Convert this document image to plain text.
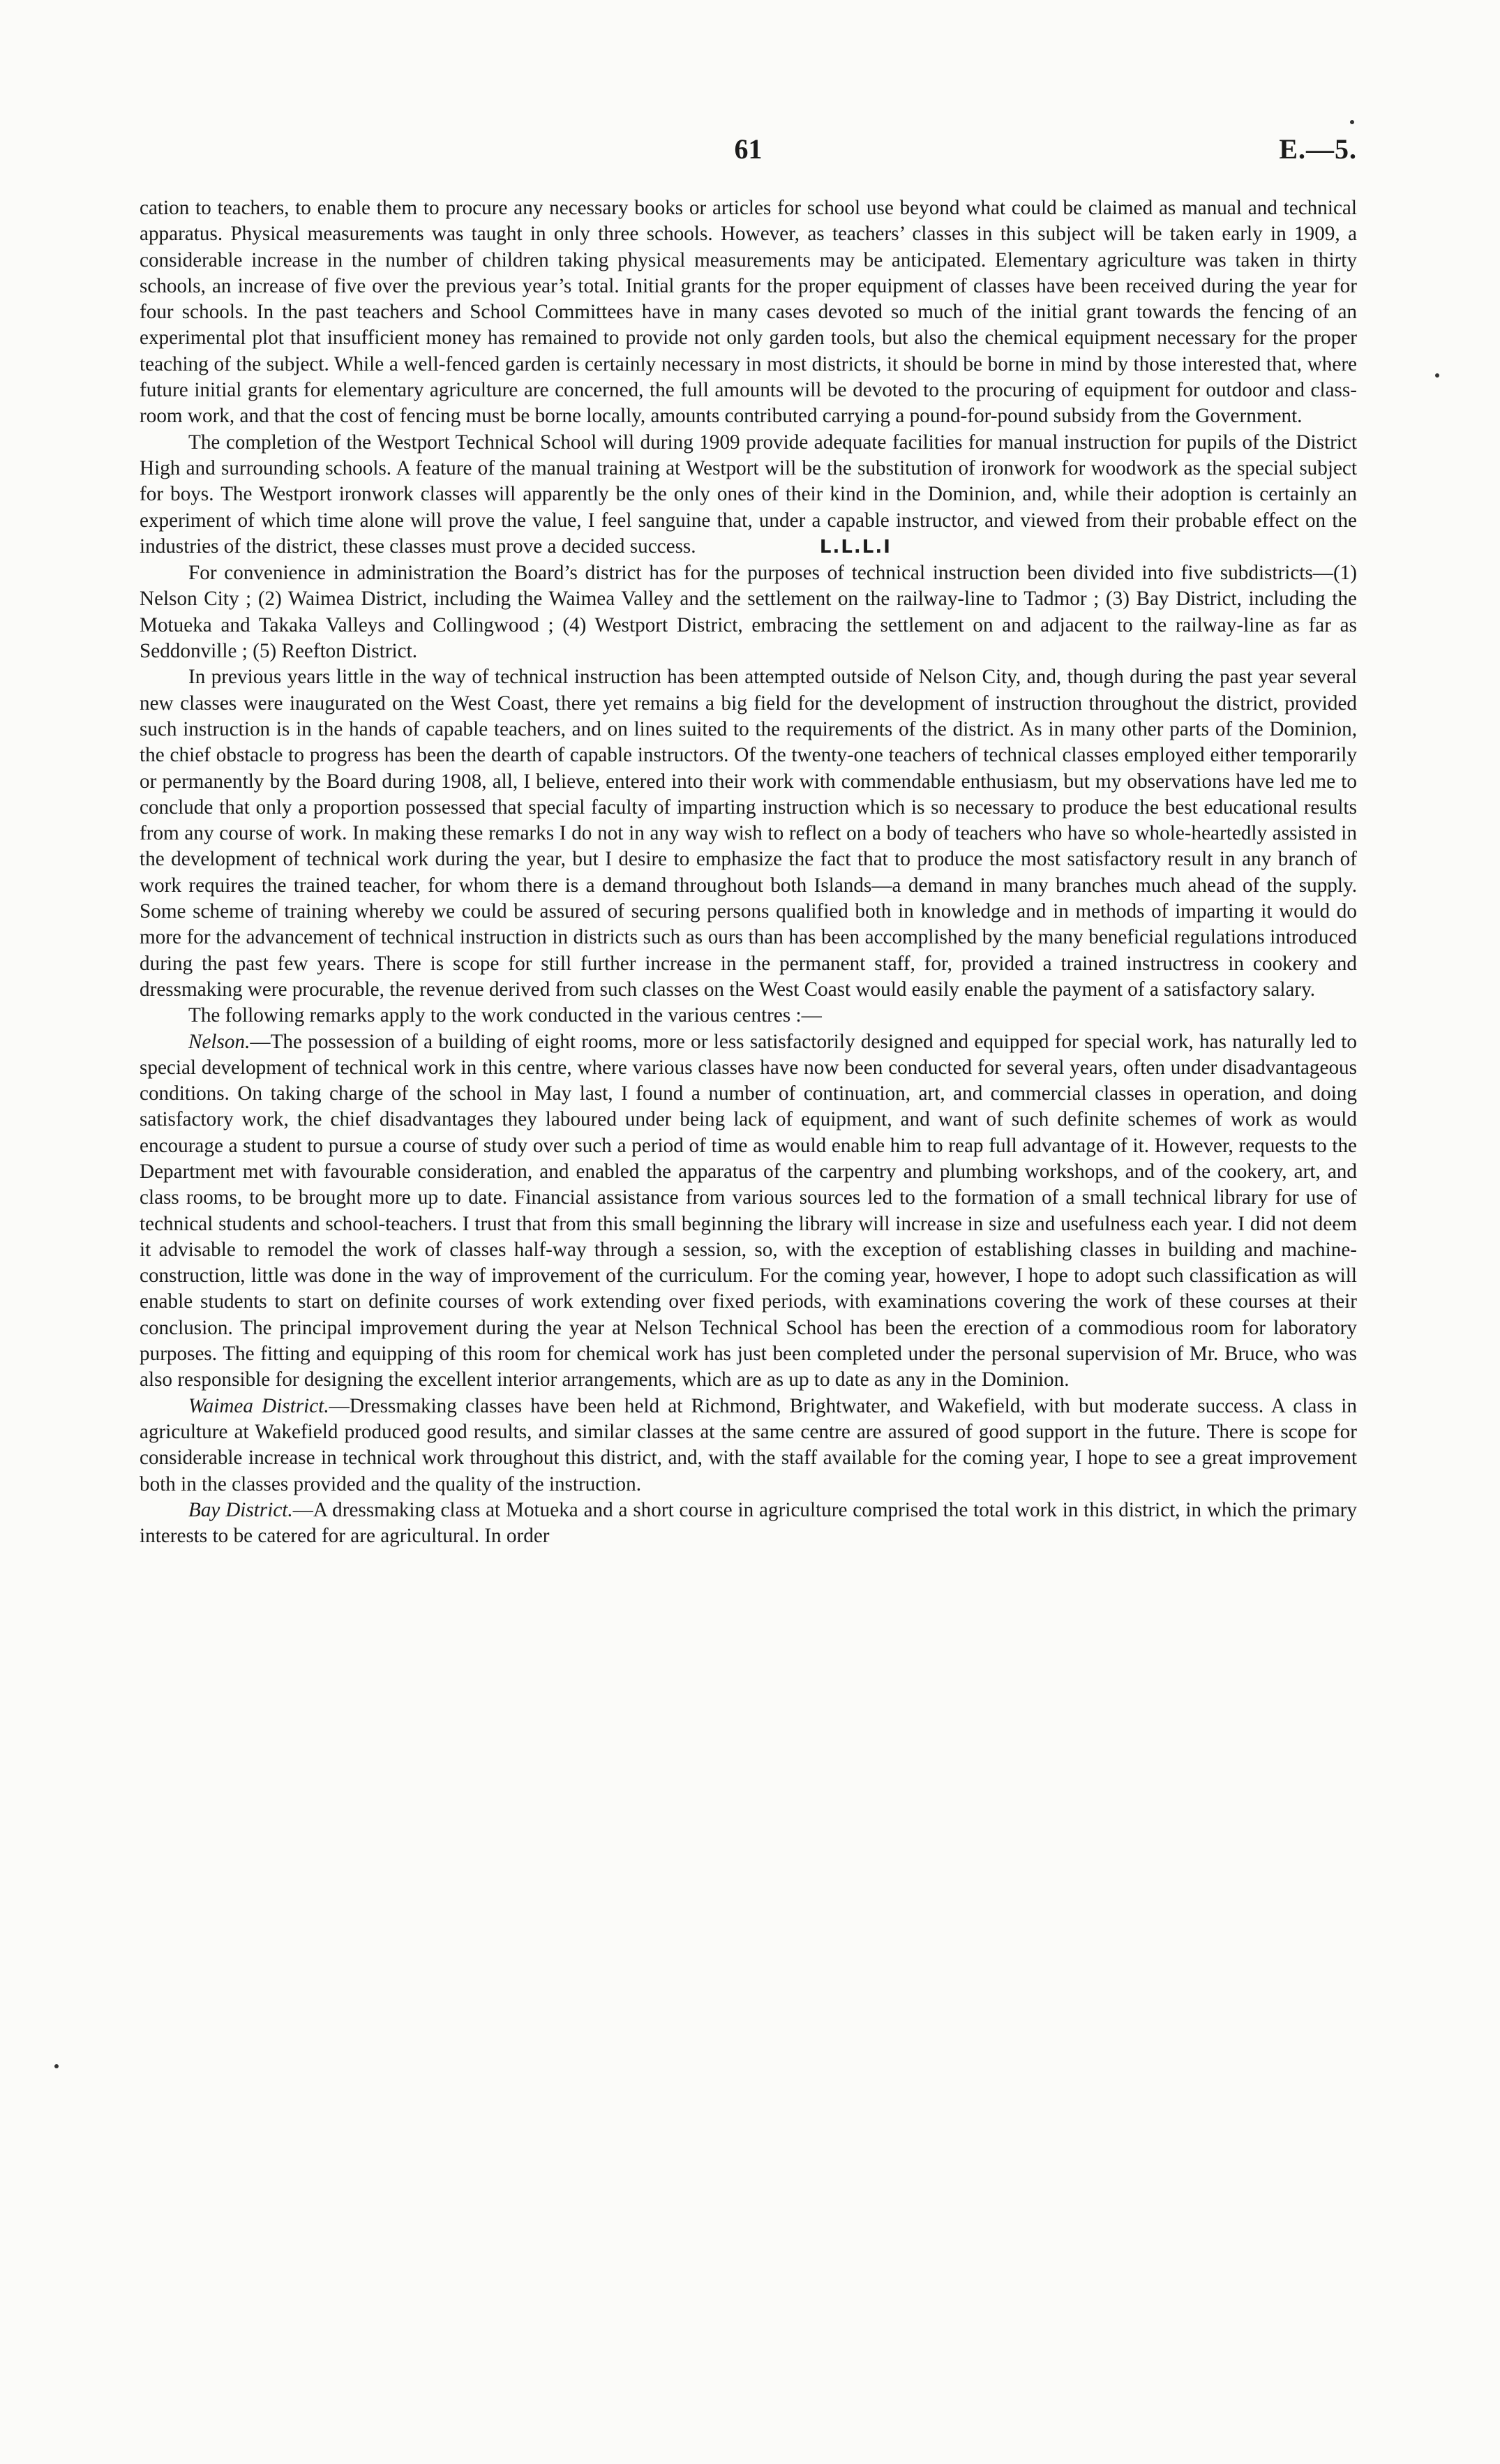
61	E.—5.

cation to teachers, to enable them to procure any necessary books or articles for school use beyond what could be claimed as manual and technical apparatus. Physical measurements was taught in only three schools. However, as teachers’ classes in this subject will be taken early in 1909, a considerable increase in the number of children taking physical measurements may be anticipated. Elementary agriculture was taken in thirty schools, an increase of five over the previous year’s total. Initial grants for the proper equipment of classes have been received during the year for four schools. In the past teachers and School Committees have in many cases devoted so much of the initial grant towards the fencing of an experimental plot that insufficient money has remained to provide not only garden tools, but also the chemical equipment necessary for the proper teaching of the subject. While a well-fenced garden is certainly necessary in most districts, it should be borne in mind by those interested that, where future initial grants for elementary agriculture are concerned, the full amounts will be devoted to the procuring of equipment for outdoor and class-room work, and that the cost of fencing must be borne locally, amounts contributed carrying a pound-for-pound subsidy from the Government.

The completion of the Westport Technical School will during 1909 provide adequate facilities for manual instruction for pupils of the District High and surrounding schools. A feature of the manual training at Westport will be the substitution of ironwork for woodwork as the special subject for boys. The Westport ironwork classes will apparently be the only ones of their kind in the Dominion, and, while their adoption is certainly an experiment of which time alone will prove the value, I feel sanguine that, under a capable instructor, and viewed from their probable effect on the industries of the district, these classes must prove a decided success.	L.L.L.I

For convenience in administration the Board’s district has for the purposes of technical instruction been divided into five subdistricts—(1) Nelson City ; (2) Waimea District, including the Waimea Valley and the settlement on the railway-line to Tadmor ; (3) Bay District, including the Motueka and Takaka Valleys and Collingwood ; (4) Westport District, embracing the settlement on and adjacent to the railway-line as far as Seddonville ; (5) Reefton District.

In previous years little in the way of technical instruction has been attempted outside of Nelson City, and, though during the past year several new classes were inaugurated on the West Coast, there yet remains a big field for the development of instruction throughout the district, provided such instruction is in the hands of capable teachers, and on lines suited to the requirements of the district. As in many other parts of the Dominion, the chief obstacle to progress has been the dearth of capable instructors. Of the twenty-one teachers of technical classes employed either temporarily or permanently by the Board during 1908, all, I believe, entered into their work with commendable enthusiasm, but my observations have led me to conclude that only a proportion possessed that special faculty of imparting instruction which is so necessary to produce the best educational results from any course of work. In making these remarks I do not in any way wish to reflect on a body of teachers who have so whole-heartedly assisted in the development of technical work during the year, but I desire to emphasize the fact that to produce the most satisfactory result in any branch of work requires the trained teacher, for whom there is a demand throughout both Islands—a demand in many branches much ahead of the supply. Some scheme of training whereby we could be assured of securing persons qualified both in knowledge and in methods of imparting it would do more for the advancement of technical instruction in districts such as ours than has been accomplished by the many beneficial regulations introduced during the past few years. There is scope for still further increase in the permanent staff, for, provided a trained instructress in cookery and dressmaking were procurable, the revenue derived from such classes on the West Coast would easily enable the payment of a satisfactory salary.

The following remarks apply to the work conducted in the various centres :—

Nelson.—The possession of a building of eight rooms, more or less satisfactorily designed and equipped for special work, has naturally led to special development of technical work in this centre, where various classes have now been conducted for several years, often under disadvantageous conditions. On taking charge of the school in May last, I found a number of continuation, art, and commercial classes in operation, and doing satisfactory work, the chief disadvantages they laboured under being lack of equipment, and want of such definite schemes of work as would encourage a student to pursue a course of study over such a period of time as would enable him to reap full advantage of it. However, requests to the Department met with favourable consideration, and enabled the apparatus of the carpentry and plumbing workshops, and of the cookery, art, and class rooms, to be brought more up to date. Financial assistance from various sources led to the formation of a small technical library for use of technical students and school-teachers. I trust that from this small beginning the library will increase in size and usefulness each year. I did not deem it advisable to remodel the work of classes half-way through a session, so, with the exception of establishing classes in building and machine-construction, little was done in the way of improvement of the curriculum. For the coming year, however, I hope to adopt such classification as will enable students to start on definite courses of work extending over fixed periods, with examinations covering the work of these courses at their conclusion. The principal improvement during the year at Nelson Technical School has been the erection of a commodious room for laboratory purposes. The fitting and equipping of this room for chemical work has just been completed under the personal supervision of Mr. Bruce, who was also responsible for designing the excellent interior arrangements, which are as up to date as any in the Dominion.

Waimea District.—Dressmaking classes have been held at Richmond, Brightwater, and Wakefield, with but moderate success. A class in agriculture at Wakefield produced good results, and similar classes at the same centre are assured of good support in the future. There is scope for considerable increase in technical work throughout this district, and, with the staff available for the coming year, I hope to see a great improvement both in the classes provided and the quality of the instruction.

Bay District.—A dressmaking class at Motueka and a short course in agriculture comprised the total work in this district, in which the primary interests to be catered for are agricultural. In order
